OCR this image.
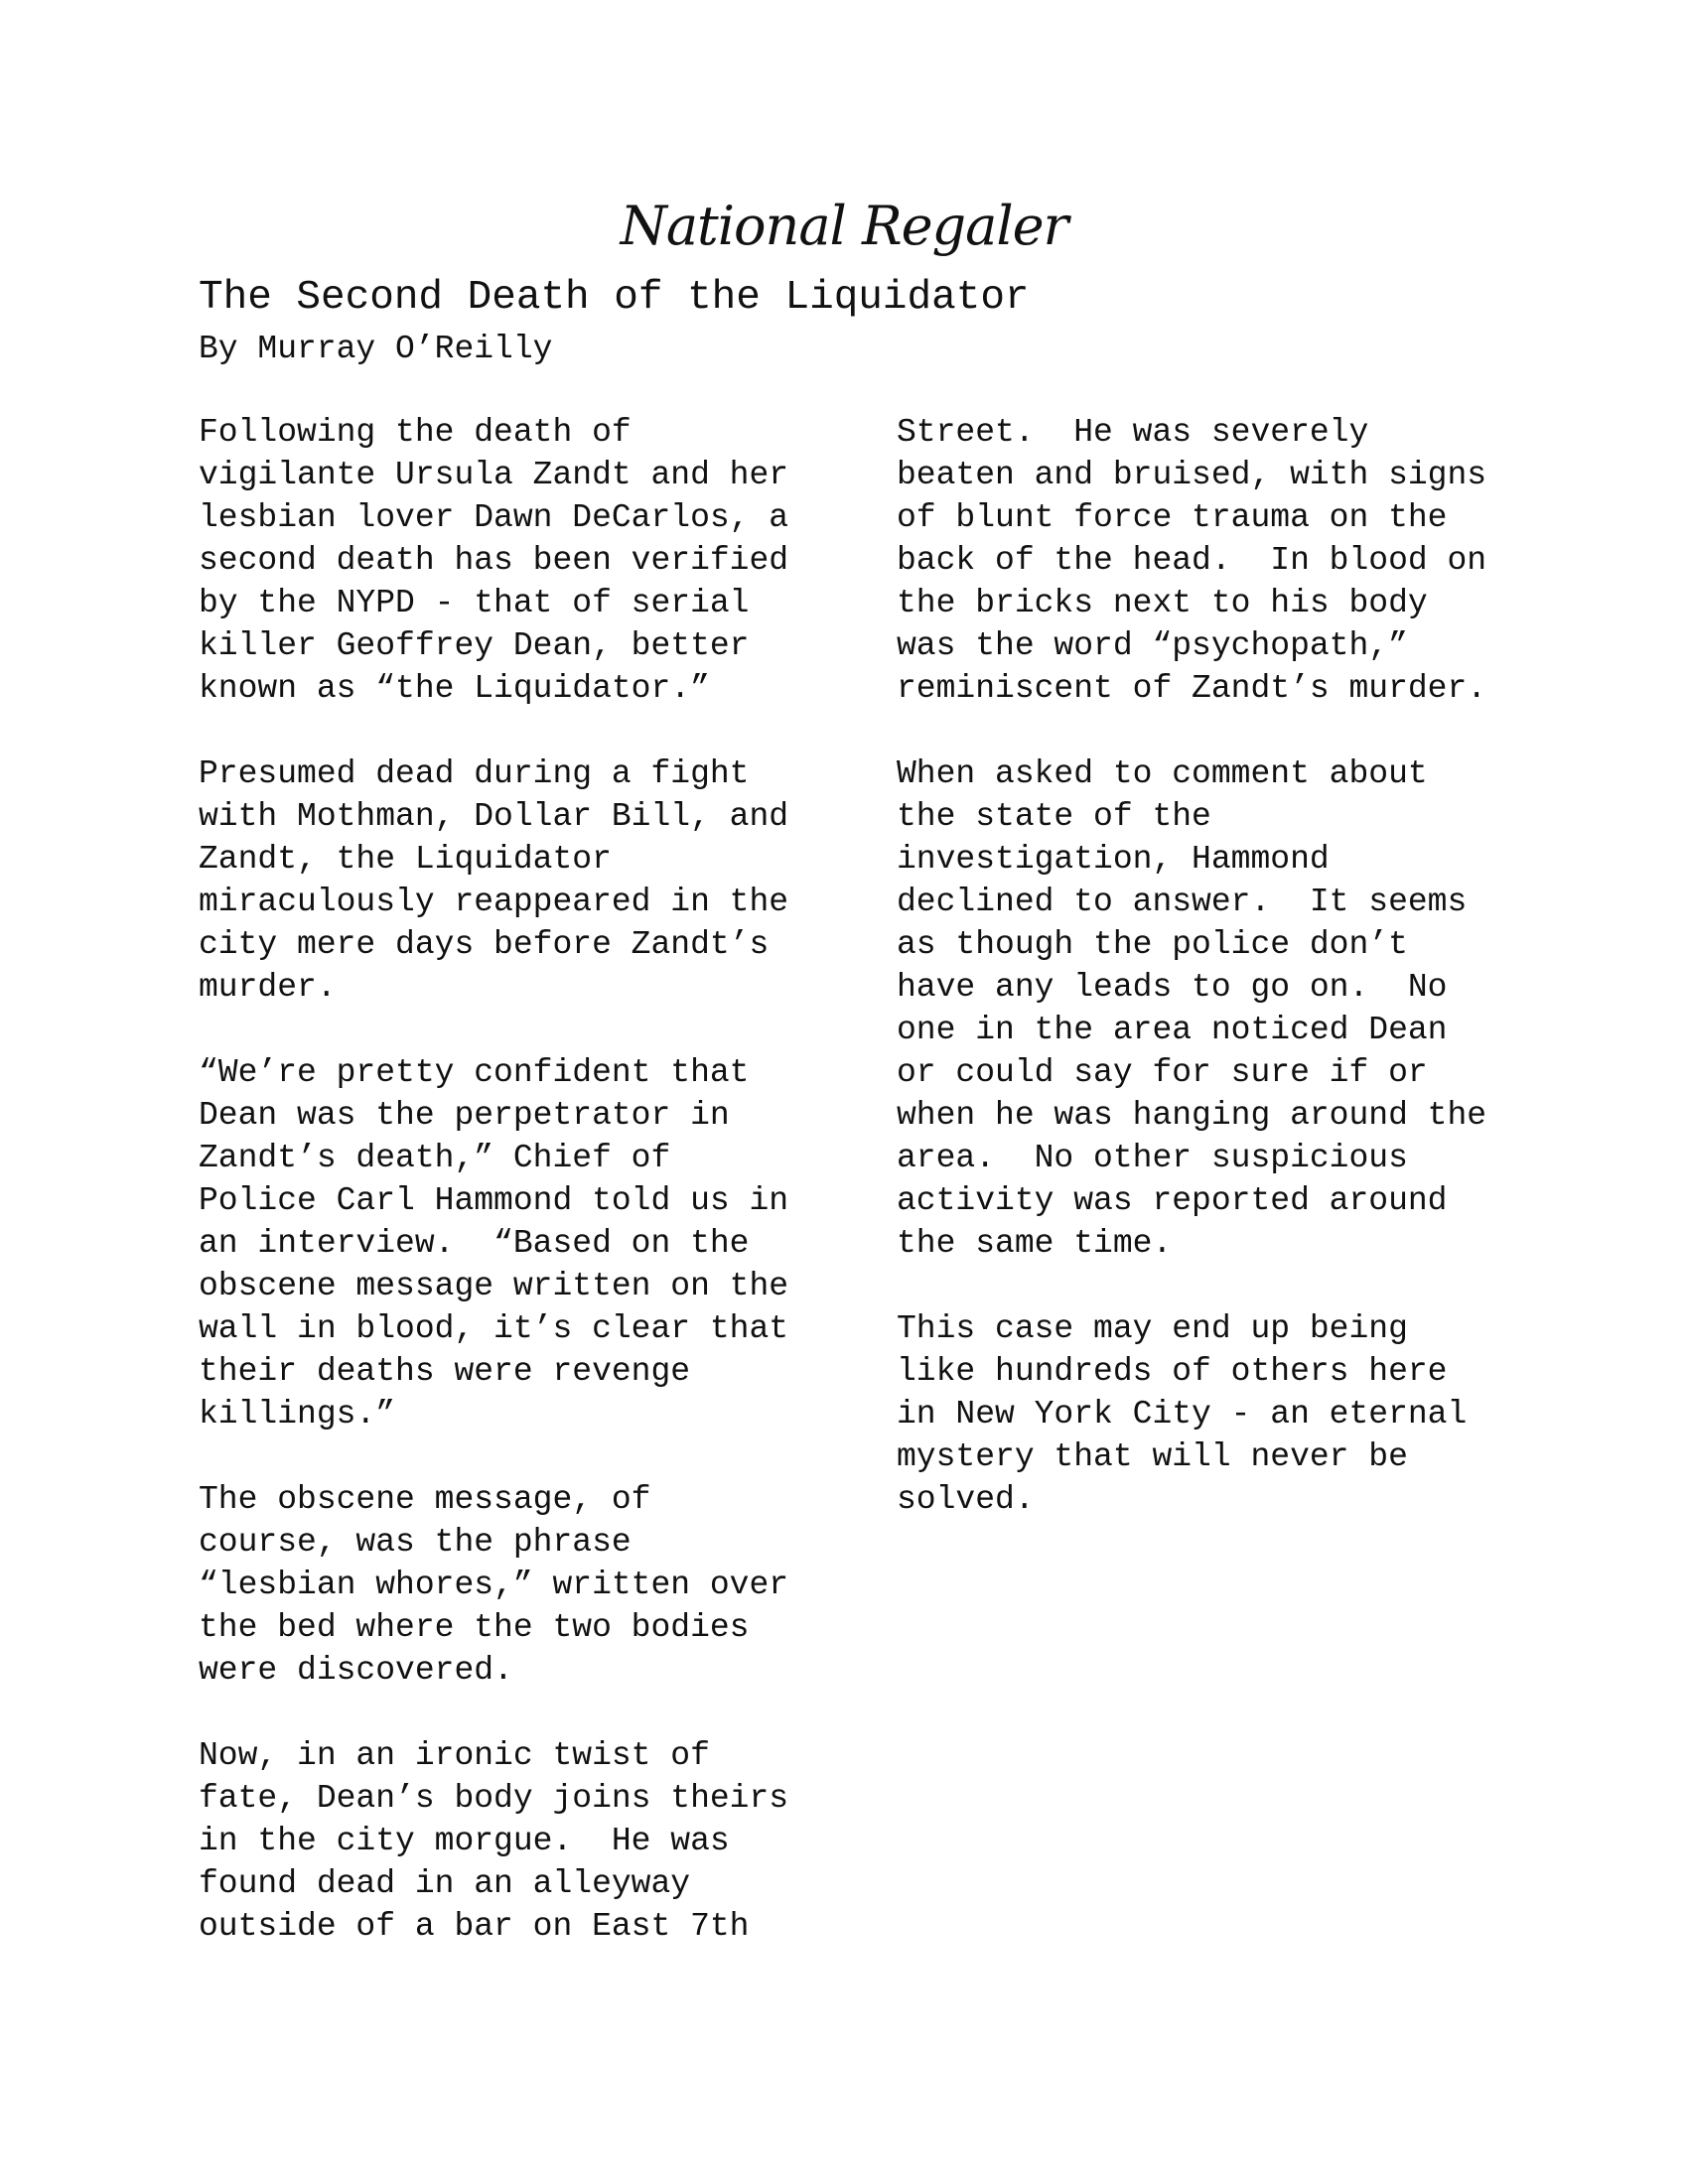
National Regaler
The Second Death of the Liquidator

By Murray O’Reilly

Following the death of
vigilante Ursula Zandt and her
lesbian lover Dawn DeCarlos, a
second death has been verified
by the NYPD - that of serial
killer Geoffrey Dean, better
known as “the Liquidator.”

Presumed dead during a fight
with Mothman, Dollar Bill, and
Zandt, the Liquidator
miraculously reappeared in the
city mere days before Zandt’s
murder.

“We’re pretty confident that
Dean was the perpetrator in
Zandt’s death,” Chief of
Police Carl Hammond told us in
an interview.  “Based on the
obscene message written on the
wall in blood, it’s clear that
their deaths were revenge
killings.”

The obscene message, of
course, was the phrase
“lesbian whores,” written over
the bed where the two bodies
were discovered.

Now, in an ironic twist of
fate, Dean’s body joins theirs
in the city morgue.  He was
found dead in an alleyway
outside of a bar on East 7th

Street.  He was severely
beaten and bruised, with signs
of blunt force trauma on the
back of the head.  In blood on
the bricks next to his body
was the word “psychopath,”
reminiscent of Zandt’s murder.

When asked to comment about
the state of the
investigation, Hammond
declined to answer.  It seems
as though the police don’t
have any leads to go on.  No
one in the area noticed Dean
or could say for sure if or
when he was hanging around the
area.  No other suspicious
activity was reported around
the same time.

This case may end up being
like hundreds of others here
in New York City - an eternal
mystery that will never be
solved.
